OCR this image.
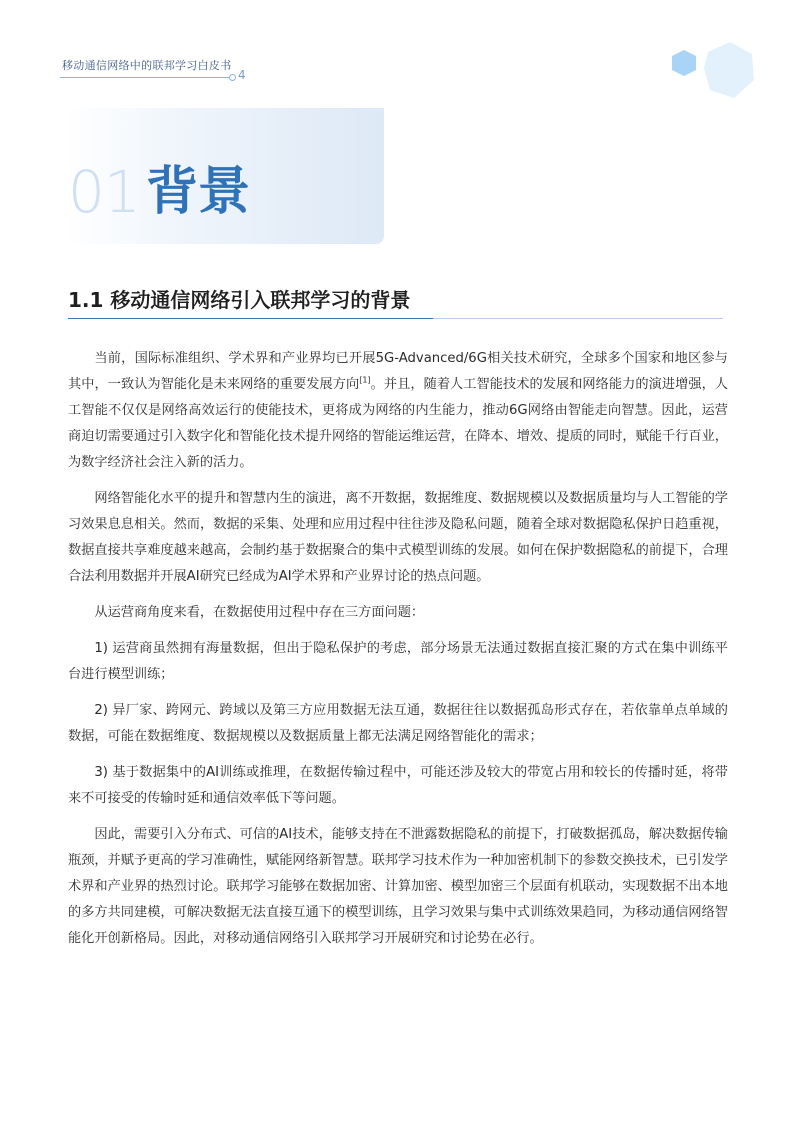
移动通信网络中的联邦学习白皮书
4
01 背景
1.1 移动通信网络引入联邦学习的背景

当前，国际标准组织、学术界和产业界均已开展5G-Advanced/6G相关技术研究，全球多个国家和地区参与其中，一致认为智能化是未来网络的重要发展方向[1]。并且，随着人工智能技术的发展和网络能力的演进增强，人工智能不仅仅是网络高效运行的使能技术，更将成为网络的内生能力，推动6G网络由智能走向智慧。因此，运营商迫切需要通过引入数字化和智能化技术提升网络的智能运维运营，在降本、增效、提质的同时，赋能千行百业，为数字经济社会注入新的活力。

网络智能化水平的提升和智慧内生的演进，离不开数据，数据维度、数据规模以及数据质量均与人工智能的学习效果息息相关。然而，数据的采集、处理和应用过程中往往涉及隐私问题，随着全球对数据隐私保护日趋重视，数据直接共享难度越来越高，会制约基于数据聚合的集中式模型训练的发展。如何在保护数据隐私的前提下，合理合法利用数据并开展AI研究已经成为AI学术界和产业界讨论的热点问题。

从运营商角度来看，在数据使用过程中存在三方面问题：

1) 运营商虽然拥有海量数据，但出于隐私保护的考虑，部分场景无法通过数据直接汇聚的方式在集中训练平台进行模型训练；

2) 异厂家、跨网元、跨域以及第三方应用数据无法互通，数据往往以数据孤岛形式存在，若依靠单点单域的数据，可能在数据维度、数据规模以及数据质量上都无法满足网络智能化的需求；

3) 基于数据集中的AI训练或推理，在数据传输过程中，可能还涉及较大的带宽占用和较长的传播时延，将带来不可接受的传输时延和通信效率低下等问题。

因此，需要引入分布式、可信的AI技术，能够支持在不泄露数据隐私的前提下，打破数据孤岛，解决数据传输瓶颈，并赋予更高的学习准确性，赋能网络新智慧。联邦学习技术作为一种加密机制下的参数交换技术，已引发学术界和产业界的热烈讨论。联邦学习能够在数据加密、计算加密、模型加密三个层面有机联动，实现数据不出本地的多方共同建模，可解决数据无法直接互通下的模型训练，且学习效果与集中式训练效果趋同，为移动通信网络智能化开创新格局。因此，对移动通信网络引入联邦学习开展研究和讨论势在必行。
